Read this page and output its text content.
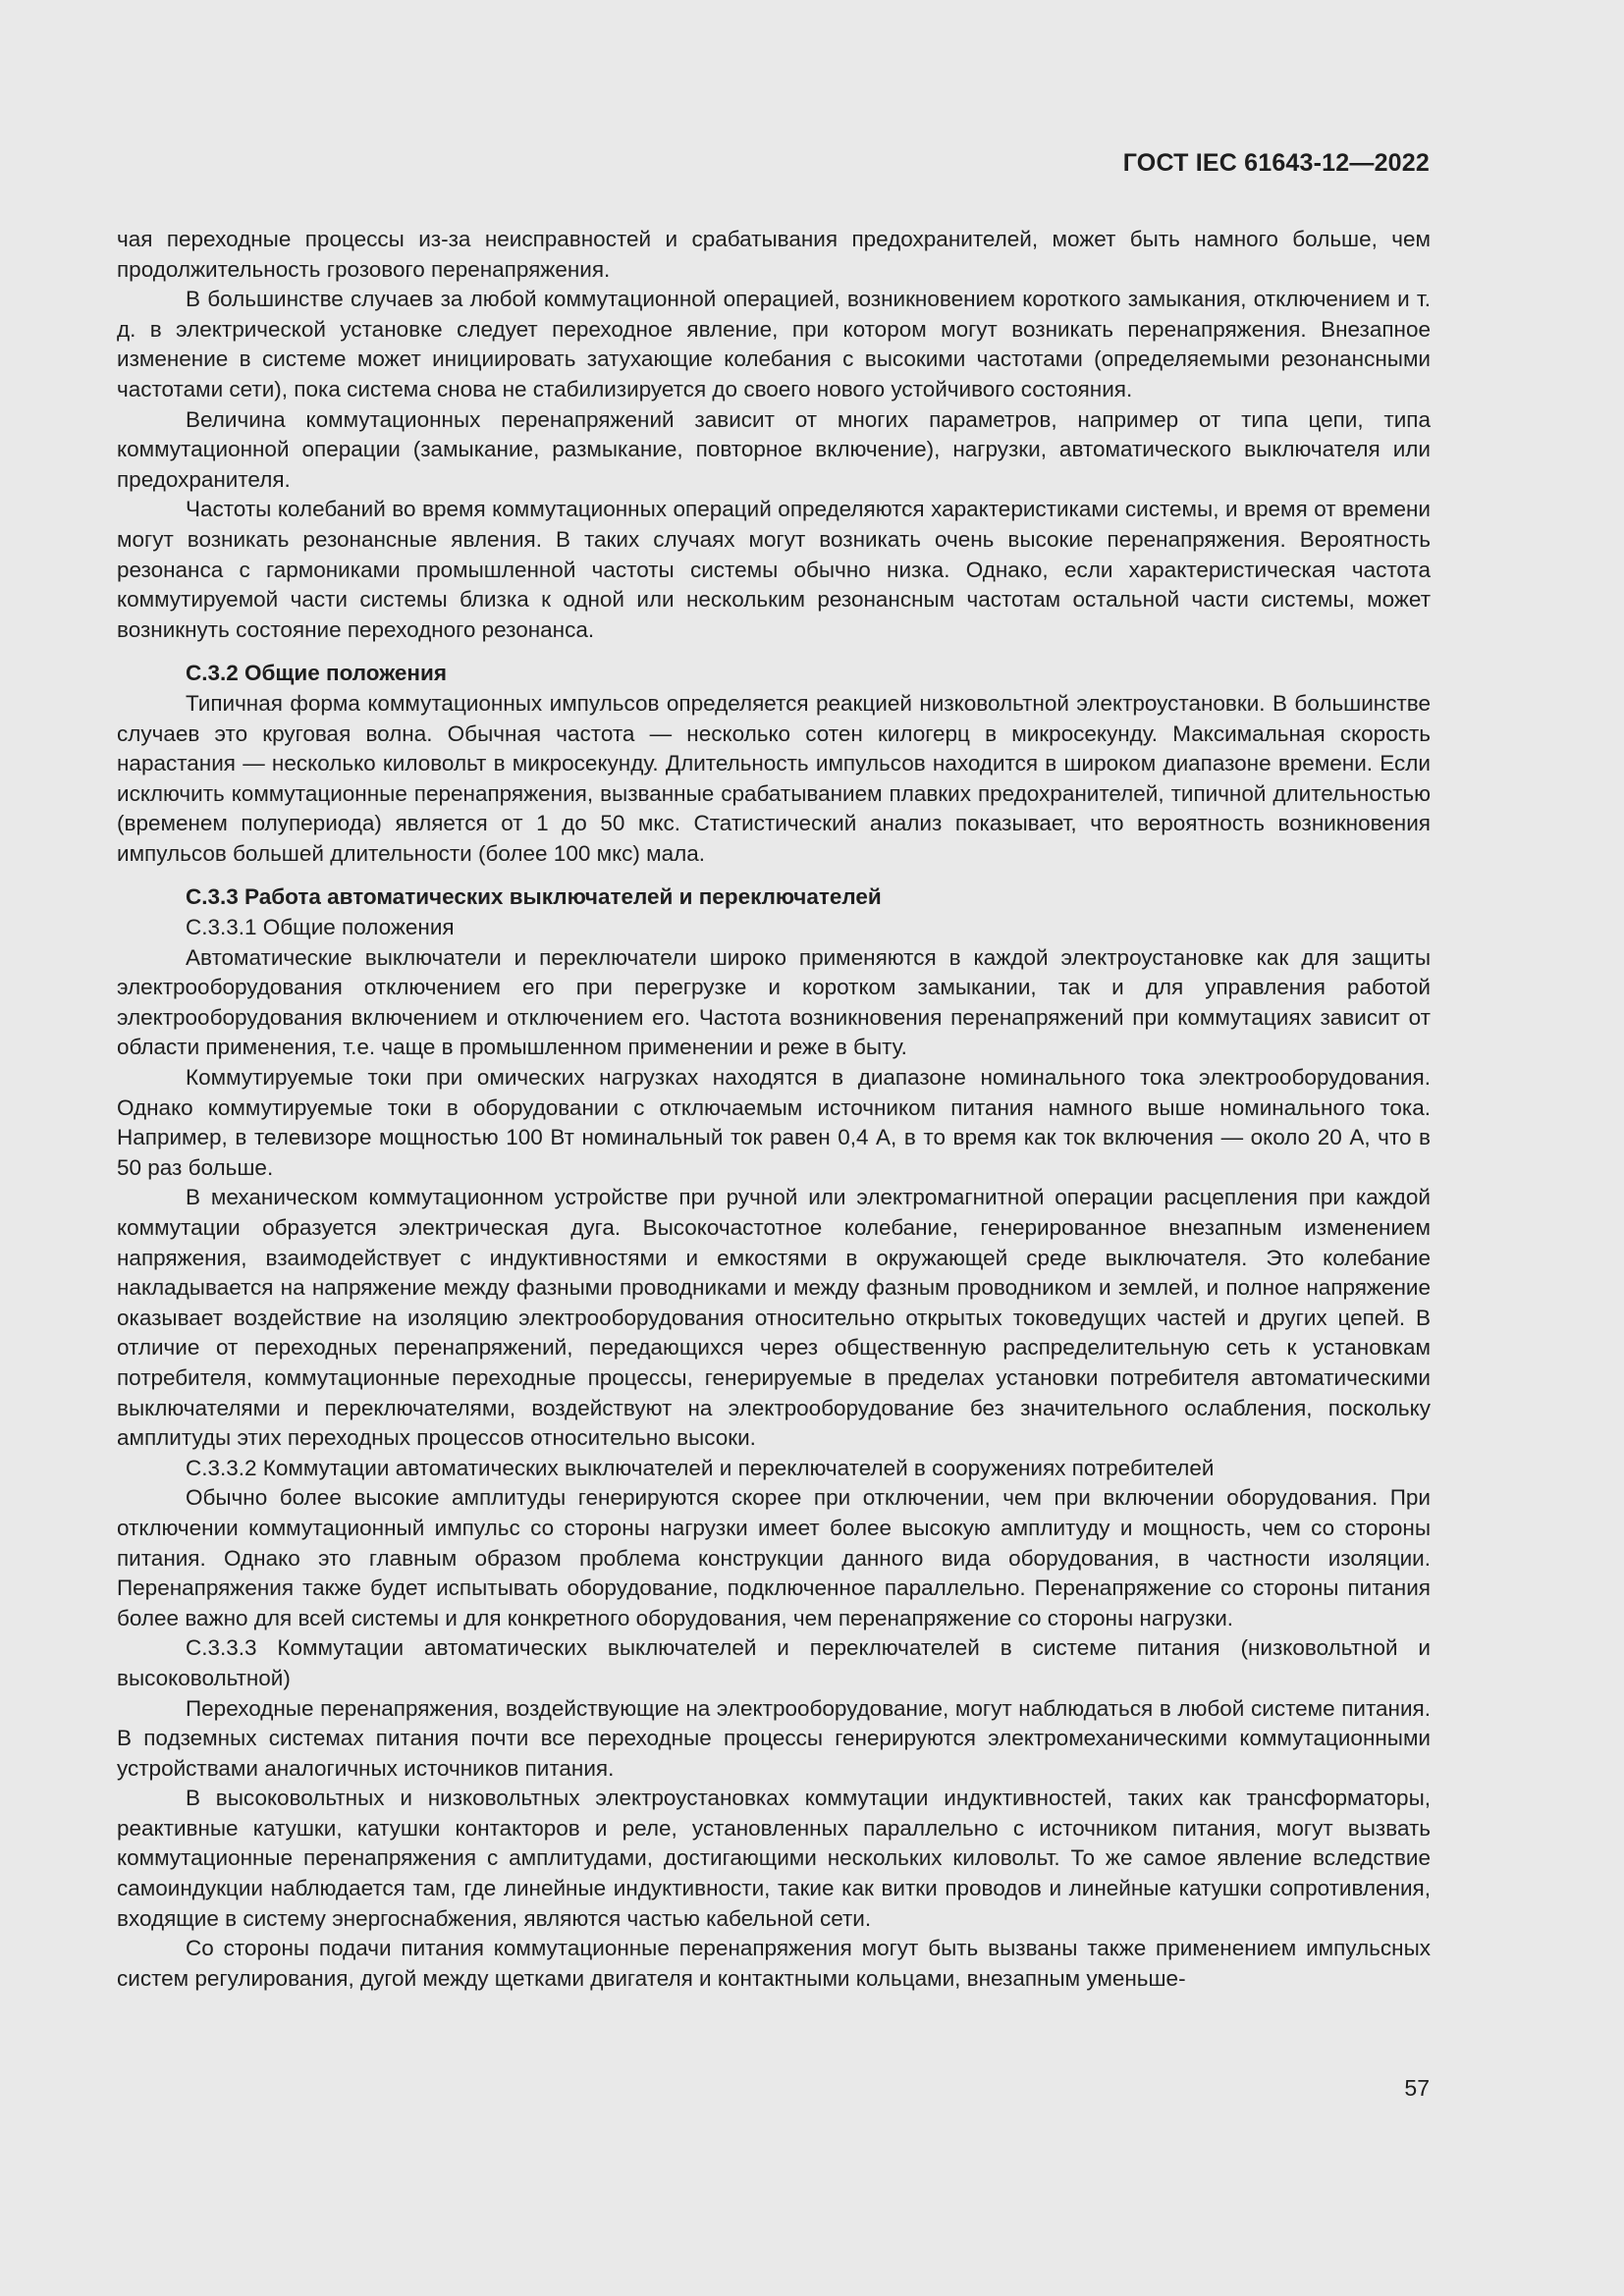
ГОСТ IEC 61643-12—2022

чая переходные процессы из-за неисправностей и срабатывания предохранителей, может быть намного больше, чем продолжительность грозового перенапряжения.

В большинстве случаев за любой коммутационной операцией, возникновением короткого замыкания, отключением и т. д. в электрической установке следует переходное явление, при котором могут возникать перенапряжения. Внезапное изменение в системе может инициировать затухающие колебания с высокими частотами (определяемыми резонансными частотами сети), пока система снова не стабилизируется до своего нового устойчивого состояния.

Величина коммутационных перенапряжений зависит от многих параметров, например от типа цепи, типа коммутационной операции (замыкание, размыкание, повторное включение), нагрузки, автоматического выключателя или предохранителя.

Частоты колебаний во время коммутационных операций определяются характеристиками системы, и время от времени могут возникать резонансные явления. В таких случаях могут возникать очень высокие перенапряжения. Вероятность резонанса с гармониками промышленной частоты системы обычно низка. Однако, если характеристическая частота коммутируемой части системы близка к одной или нескольким резонансным частотам остальной части системы, может возникнуть состояние переходного резонанса.

С.3.2 Общие положения

Типичная форма коммутационных импульсов определяется реакцией низковольтной электроустановки. В большинстве случаев это круговая волна. Обычная частота — несколько сотен килогерц в микросекунду. Максимальная скорость нарастания — несколько киловольт в микросекунду. Длительность импульсов находится в широком диапазоне времени. Если исключить коммутационные перенапряжения, вызванные срабатыванием плавких предохранителей, типичной длительностью (временем полупериода) является от 1 до 50 мкс. Статистический анализ показывает, что вероятность возникновения импульсов большей длительности (более 100 мкс) мала.

С.3.3 Работа автоматических выключателей и переключателей

С.3.3.1 Общие положения

Автоматические выключатели и переключатели широко применяются в каждой электроустановке как для защиты электрооборудования отключением его при перегрузке и коротком замыкании, так и для управления работой электрооборудования включением и отключением его. Частота возникновения перенапряжений при коммутациях зависит от области применения, т.е. чаще в промышленном применении и реже в быту.

Коммутируемые токи при омических нагрузках находятся в диапазоне номинального тока электрооборудования. Однако коммутируемые токи в оборудовании с отключаемым источником питания намного выше номинального тока. Например, в телевизоре мощностью 100 Вт номинальный ток равен 0,4 А, в то время как ток включения — около 20 А, что в 50 раз больше.

В механическом коммутационном устройстве при ручной или электромагнитной операции расцепления при каждой коммутации образуется электрическая дуга. Высокочастотное колебание, генерированное внезапным изменением напряжения, взаимодействует с индуктивностями и емкостями в окружающей среде выключателя. Это колебание накладывается на напряжение между фазными проводниками и между фазным проводником и землей, и полное напряжение оказывает воздействие на изоляцию электрооборудования относительно открытых токоведущих частей и других цепей. В отличие от переходных перенапряжений, передающихся через общественную распределительную сеть к установкам потребителя, коммутационные переходные процессы, генерируемые в пределах установки потребителя автоматическими выключателями и переключателями, воздействуют на электрооборудование без значительного ослабления, поскольку амплитуды этих переходных процессов относительно высоки.

С.3.3.2 Коммутации автоматических выключателей и переключателей в сооружениях потребителей

Обычно более высокие амплитуды генерируются скорее при отключении, чем при включении оборудования. При отключении коммутационный импульс со стороны нагрузки имеет более высокую амплитуду и мощность, чем со стороны питания. Однако это главным образом проблема конструкции данного вида оборудования, в частности изоляции. Перенапряжения также будет испытывать оборудование, подключенное параллельно. Перенапряжение со стороны питания более важно для всей системы и для конкретного оборудования, чем перенапряжение со стороны нагрузки.

С.3.3.3 Коммутации автоматических выключателей и переключателей в системе питания (низковольтной и высоковольтной)

Переходные перенапряжения, воздействующие на электрооборудование, могут наблюдаться в любой системе питания. В подземных системах питания почти все переходные процессы генерируются электромеханическими коммутационными устройствами аналогичных источников питания.

В высоковольтных и низковольтных электроустановках коммутации индуктивностей, таких как трансформаторы, реактивные катушки, катушки контакторов и реле, установленных параллельно с источником питания, могут вызвать коммутационные перенапряжения с амплитудами, достигающими нескольких киловольт. То же самое явление вследствие самоиндукции наблюдается там, где линейные индуктивности, такие как витки проводов и линейные катушки сопротивления, входящие в систему энергоснабжения, являются частью кабельной сети.

Со стороны подачи питания коммутационные перенапряжения могут быть вызваны также применением импульсных систем регулирования, дугой между щетками двигателя и контактными кольцами, внезапным уменьше-

57
